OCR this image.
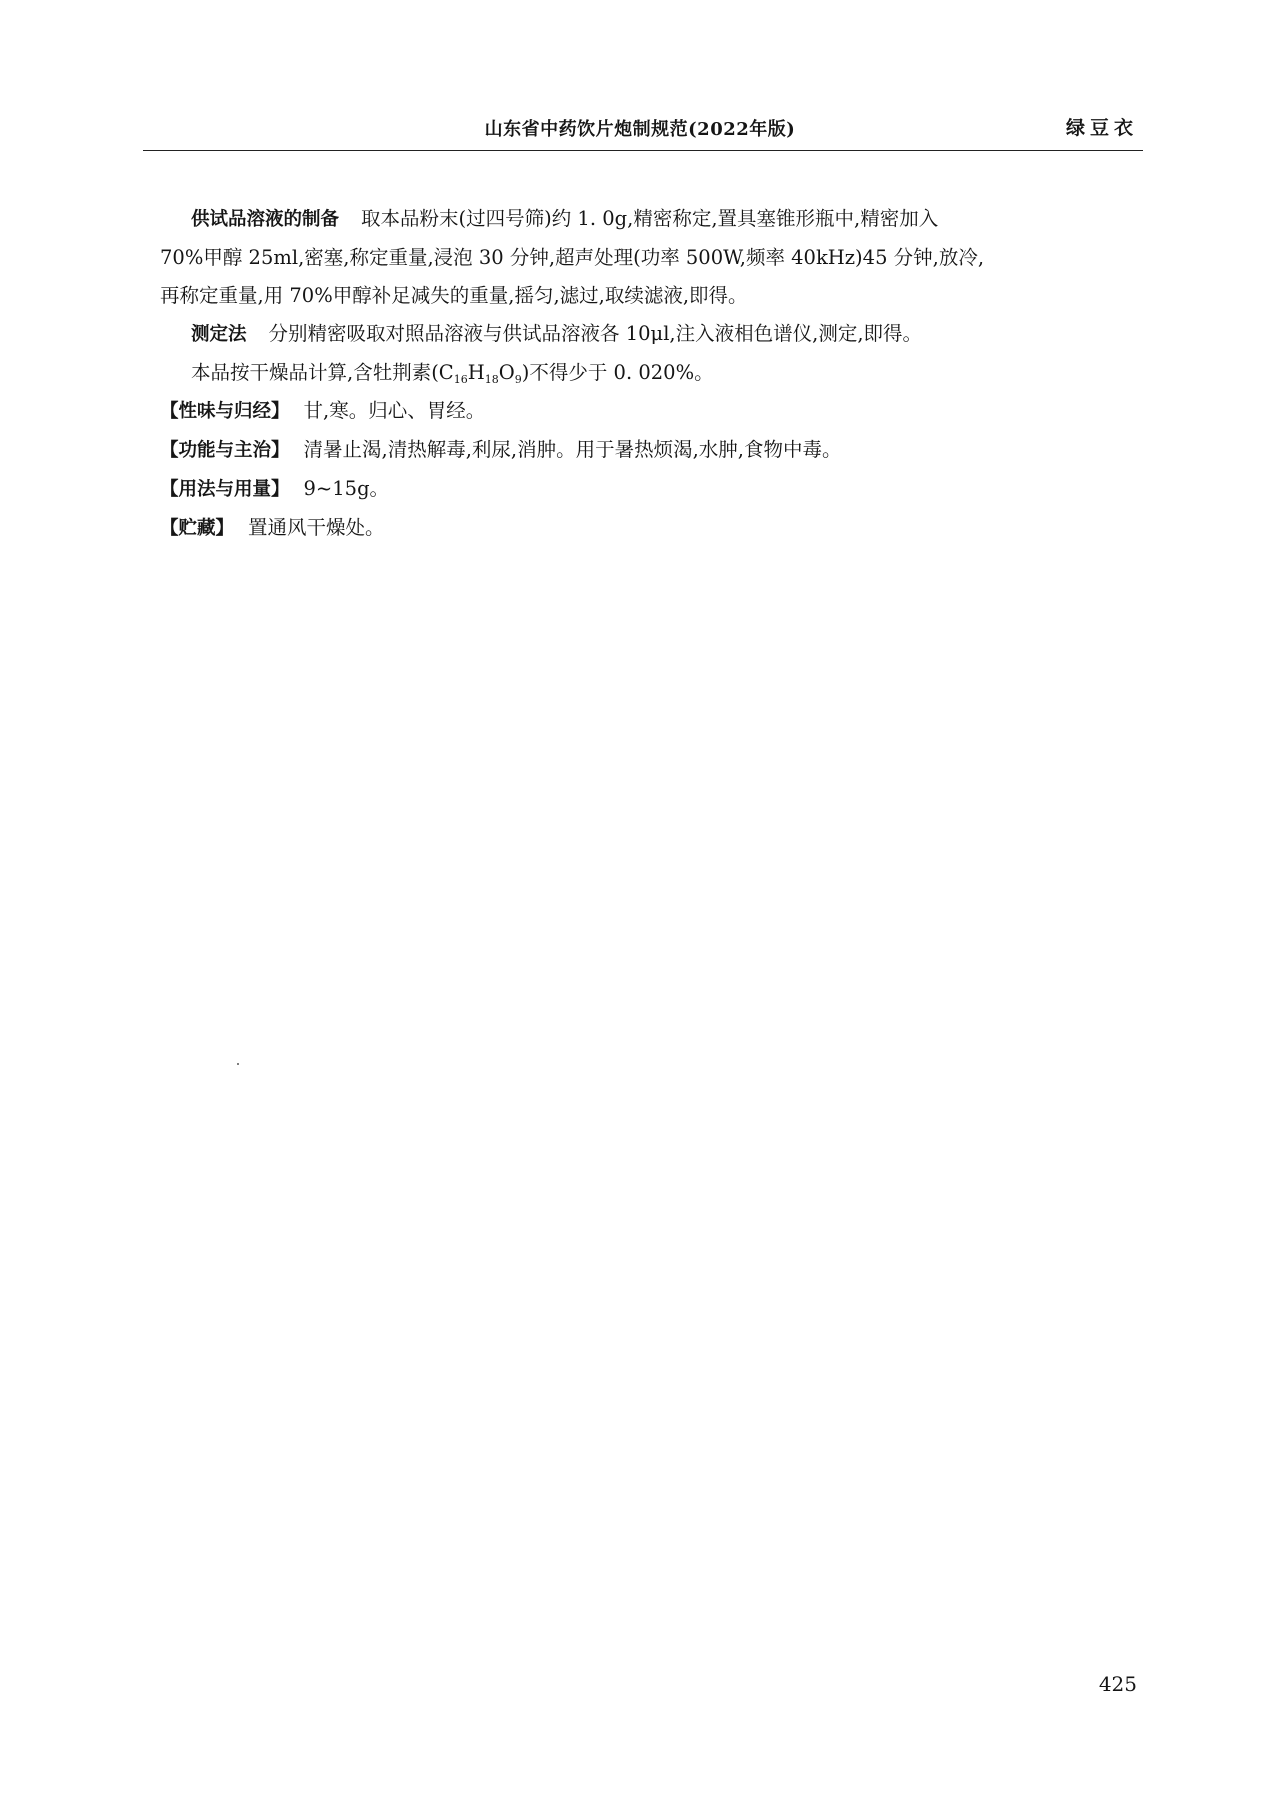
山东省中药饮片炮制规范(2022年版)	绿豆衣

供试品溶液的制备 取本品粉末(过四号筛)约 1. 0g,精密称定,置具塞锥形瓶中,精密加入
70%甲醇 25ml,密塞,称定重量,浸泡 30 分钟,超声处理(功率 500W,频率 40kHz)45 分钟,放冷,
再称定重量,用 70%甲醇补足减失的重量,摇匀,滤过,取续滤液,即得。

测定法 分别精密吸取对照品溶液与供试品溶液各 10μl,注入液相色谱仪,测定,即得。

本品按干燥品计算,含牡荆素$(C_{16}H_{18}O_9)$不得少于 0. 020%。

【性味与归经】 甘,寒。归心、胃经。

【功能与主治】 清暑止渴,清热解毒,利尿,消肿。用于暑热烦渴,水肿,食物中毒。

【用法与用量】 9~15g。

【贮藏】 置通风干燥处。

425
